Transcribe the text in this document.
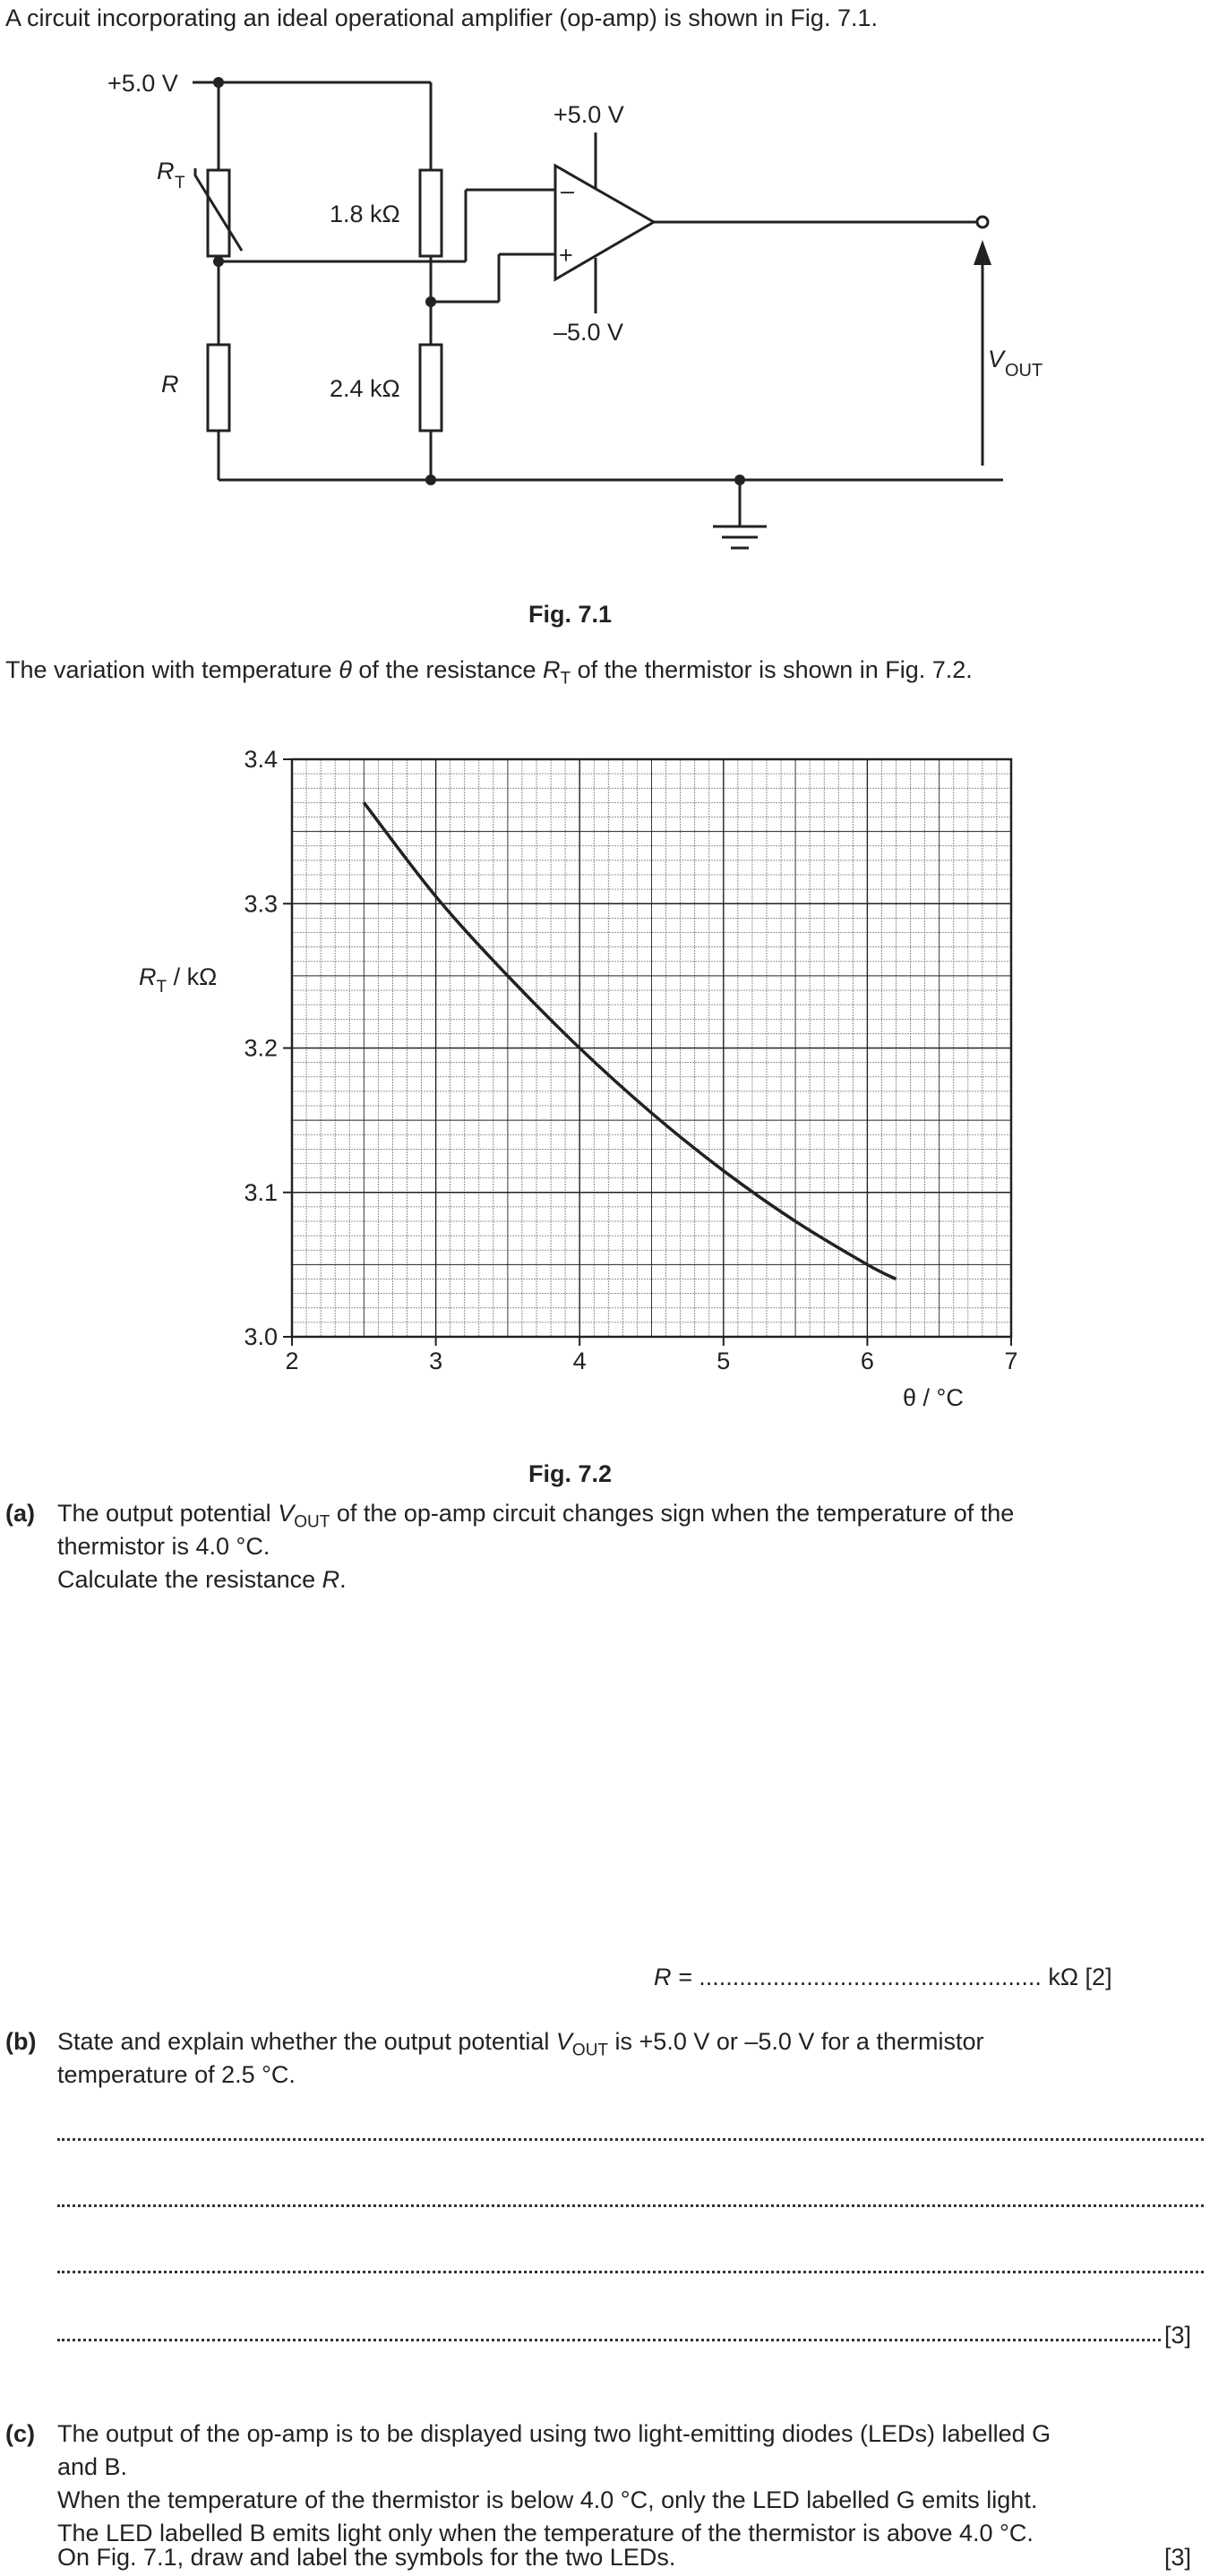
A circuit incorporating an ideal operational amplifier (op-amp) is shown in Fig. 7.1.
+5.0 V
R T
R
1.8 kΩ
2.4 kΩ
+5.0 V
–5.0 V
–
+
V OUT
Fig. 7.1
The variation with temperature θ of the resistance $R_T$ of the thermistor is shown in Fig. 7.2.
2	3	4	5	6	7
3.0
3.1
3.2
3.3
3.4
$R_T$ / kΩ
θ / °C
Fig. 7.2
(a) The output potential $V_{OUT}$ of the op-amp circuit changes sign when the temperature of the
thermistor is 4.0 °C.
Calculate the resistance R.
R = ................................................... kΩ [2]
(b) State and explain whether the output potential $V_{OUT}$ is +5.0 V or –5.0 V for a thermistor
temperature of 2.5 °C.
[3]
(c) The output of the op-amp is to be displayed using two light-emitting diodes (LEDs) labelled G
and B.
When the temperature of the thermistor is below 4.0 °C, only the LED labelled G emits light.
The LED labelled B emits light only when the temperature of the thermistor is above 4.0 °C.
On Fig. 7.1, draw and label the symbols for the two LEDs.	[3]
